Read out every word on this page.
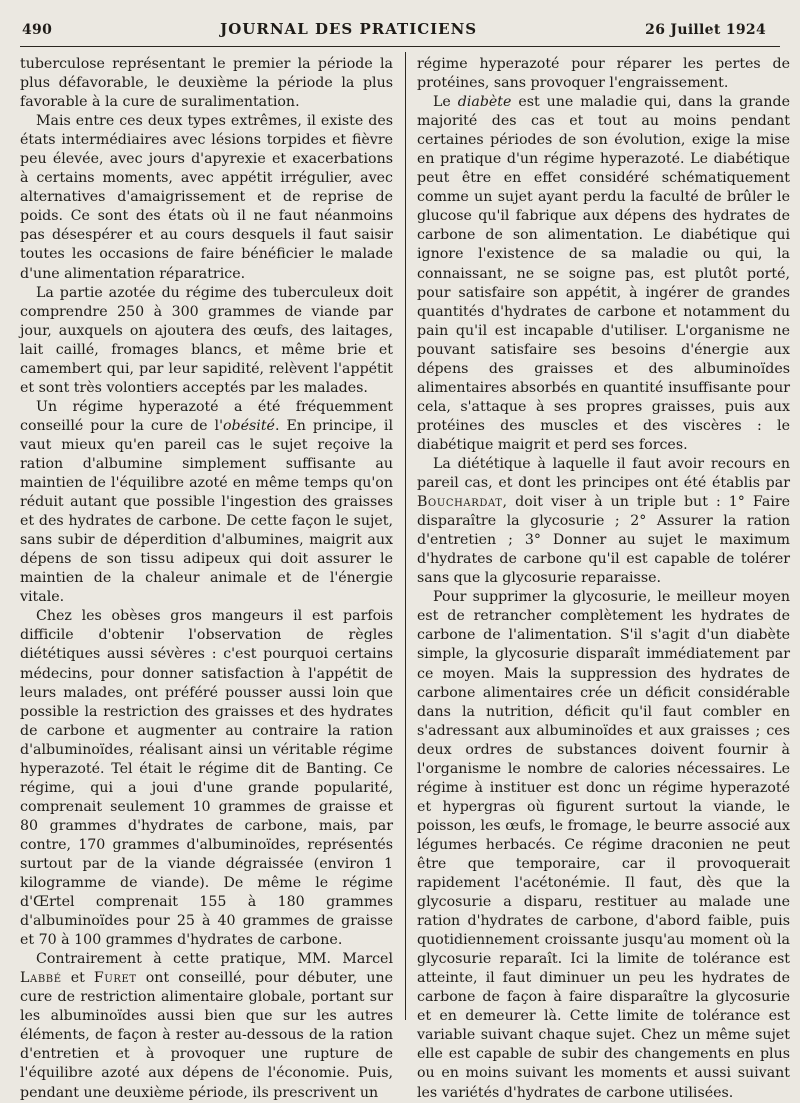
490	JOURNAL DES PRATICIENS	26 Juillet 1924

tuberculose représentant le premier la période la plus défavorable, le deuxième la période la plus favorable à la cure de suralimentation.

Mais entre ces deux types extrêmes, il existe des états intermédiaires avec lésions torpides et fièvre peu élevée, avec jours d'apyrexie et exacerbations à certains moments, avec appétit irrégulier, avec alternatives d'amaigrissement et de reprise de poids. Ce sont des états où il ne faut néanmoins pas désespérer et au cours desquels il faut saisir toutes les occasions de faire bénéficier le malade d'une alimentation réparatrice.

La partie azotée du régime des tuberculeux doit comprendre 250 à 300 grammes de viande par jour, auxquels on ajoutera des œufs, des laitages, lait caillé, fromages blancs, et même brie et camembert qui, par leur sapidité, relèvent l'appétit et sont très volontiers acceptés par les malades.

Un régime hyperazoté a été fréquemment conseillé pour la cure de l'obésité. En principe, il vaut mieux qu'en pareil cas le sujet reçoive la ration d'albumine simplement suffisante au maintien de l'équilibre azoté en même temps qu'on réduit autant que possible l'ingestion des graisses et des hydrates de carbone. De cette façon le sujet, sans subir de déperdition d'albumines, maigrit aux dépens de son tissu adipeux qui doit assurer le maintien de la chaleur animale et de l'énergie vitale.

Chez les obèses gros mangeurs il est parfois difficile d'obtenir l'observation de règles diététiques aussi sévères : c'est pourquoi certains médecins, pour donner satisfaction à l'appétit de leurs malades, ont préféré pousser aussi loin que possible la restriction des graisses et des hydrates de carbone et augmenter au contraire la ration d'albuminoïdes, réalisant ainsi un véritable régime hyperazoté. Tel était le régime dit de Banting. Ce régime, qui a joui d'une grande popularité, comprenait seulement 10 grammes de graisse et 80 grammes d'hydrates de carbone, mais, par contre, 170 grammes d'albuminoïdes, représentés surtout par de la viande dégraissée (environ 1 kilogramme de viande). De même le régime d'Œrtel comprenait 155 à 180 grammes d'albuminoïdes pour 25 à 40 grammes de graisse et 70 à 100 grammes d'hydrates de carbone.

Contrairement à cette pratique, MM. Marcel Labbé et Furet ont conseillé, pour débuter, une cure de restriction alimentaire globale, portant sur les albuminoïdes aussi bien que sur les autres éléments, de façon à rester au-dessous de la ration d'entretien et à provoquer une rupture de l'équilibre azoté aux dépens de l'économie. Puis, pendant une deuxième période, ils prescrivent un

régime hyperazoté pour réparer les pertes de protéines, sans provoquer l'engraissement.

Le diabète est une maladie qui, dans la grande majorité des cas et tout au moins pendant certaines périodes de son évolution, exige la mise en pratique d'un régime hyperazoté. Le diabétique peut être en effet considéré schématiquement comme un sujet ayant perdu la faculté de brûler le glucose qu'il fabrique aux dépens des hydrates de carbone de son alimentation. Le diabétique qui ignore l'existence de sa maladie ou qui, la connaissant, ne se soigne pas, est plutôt porté, pour satisfaire son appétit, à ingérer de grandes quantités d'hydrates de carbone et notamment du pain qu'il est incapable d'utiliser. L'organisme ne pouvant satisfaire ses besoins d'énergie aux dépens des graisses et des albuminoïdes alimentaires absorbés en quantité insuffisante pour cela, s'attaque à ses propres graisses, puis aux protéines des muscles et des viscères : le diabétique maigrit et perd ses forces.

La diététique à laquelle il faut avoir recours en pareil cas, et dont les principes ont été établis par Bouchardat, doit viser à un triple but : 1° Faire disparaître la glycosurie ; 2° Assurer la ration d'entretien ; 3° Donner au sujet le maximum d'hydrates de carbone qu'il est capable de tolérer sans que la glycosurie reparaisse.

Pour supprimer la glycosurie, le meilleur moyen est de retrancher complètement les hydrates de carbone de l'alimentation. S'il s'agit d'un diabète simple, la glycosurie disparaît immédiatement par ce moyen. Mais la suppression des hydrates de carbone alimentaires crée un déficit considérable dans la nutrition, déficit qu'il faut combler en s'adressant aux albuminoïdes et aux graisses ; ces deux ordres de substances doivent fournir à l'organisme le nombre de calories nécessaires. Le régime à instituer est donc un régime hyperazoté et hypergras où figurent surtout la viande, le poisson, les œufs, le fromage, le beurre associé aux légumes herbacés. Ce régime draconien ne peut être que temporaire, car il provoquerait rapidement l'acétonémie. Il faut, dès que la glycosurie a disparu, restituer au malade une ration d'hydrates de carbone, d'abord faible, puis quotidiennement croissante jusqu'au moment où la glycosurie reparaît. Ici la limite de tolérance est atteinte, il faut diminuer un peu les hydrates de carbone de façon à faire disparaître la glycosurie et en demeurer là. Cette limite de tolérance est variable suivant chaque sujet. Chez un même sujet elle est capable de subir des changements en plus ou en moins suivant les moments et aussi suivant les variétés d'hydrates de carbone utilisées.
